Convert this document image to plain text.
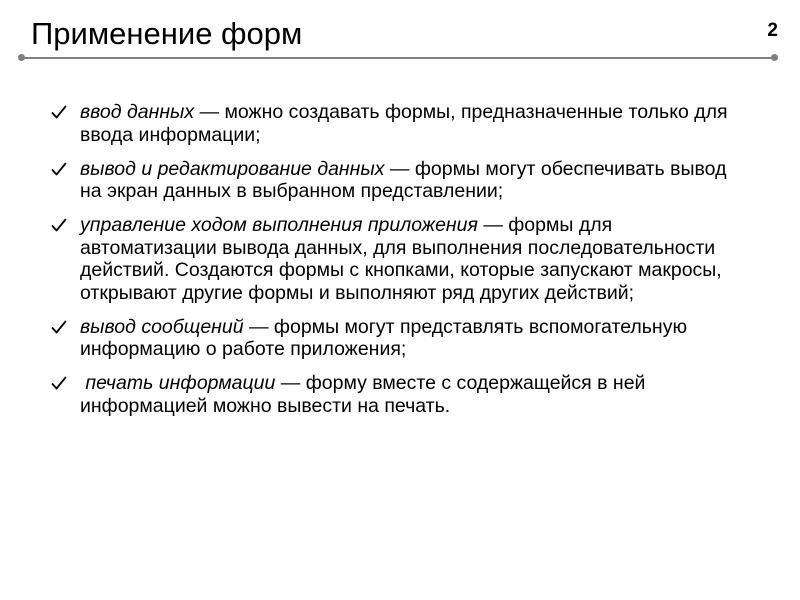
Применение форм	2
ввод данных — можно создавать формы, предназначенные только для ввода информации;
вывод и редактирование данных — формы могут обеспечивать вывод на экран данных в выбранном представлении;
управление ходом выполнения приложения — формы для автоматизации вывода данных, для выполнения последовательности действий. Создаются формы с кнопками, которые запускают макросы, открывают другие формы и выполняют ряд других действий;
вывод сообщений — формы могут представлять вспомогательную информацию о работе приложения;
печать информации — форму вместе с содержащейся в ней информацией можно вывести на печать.
